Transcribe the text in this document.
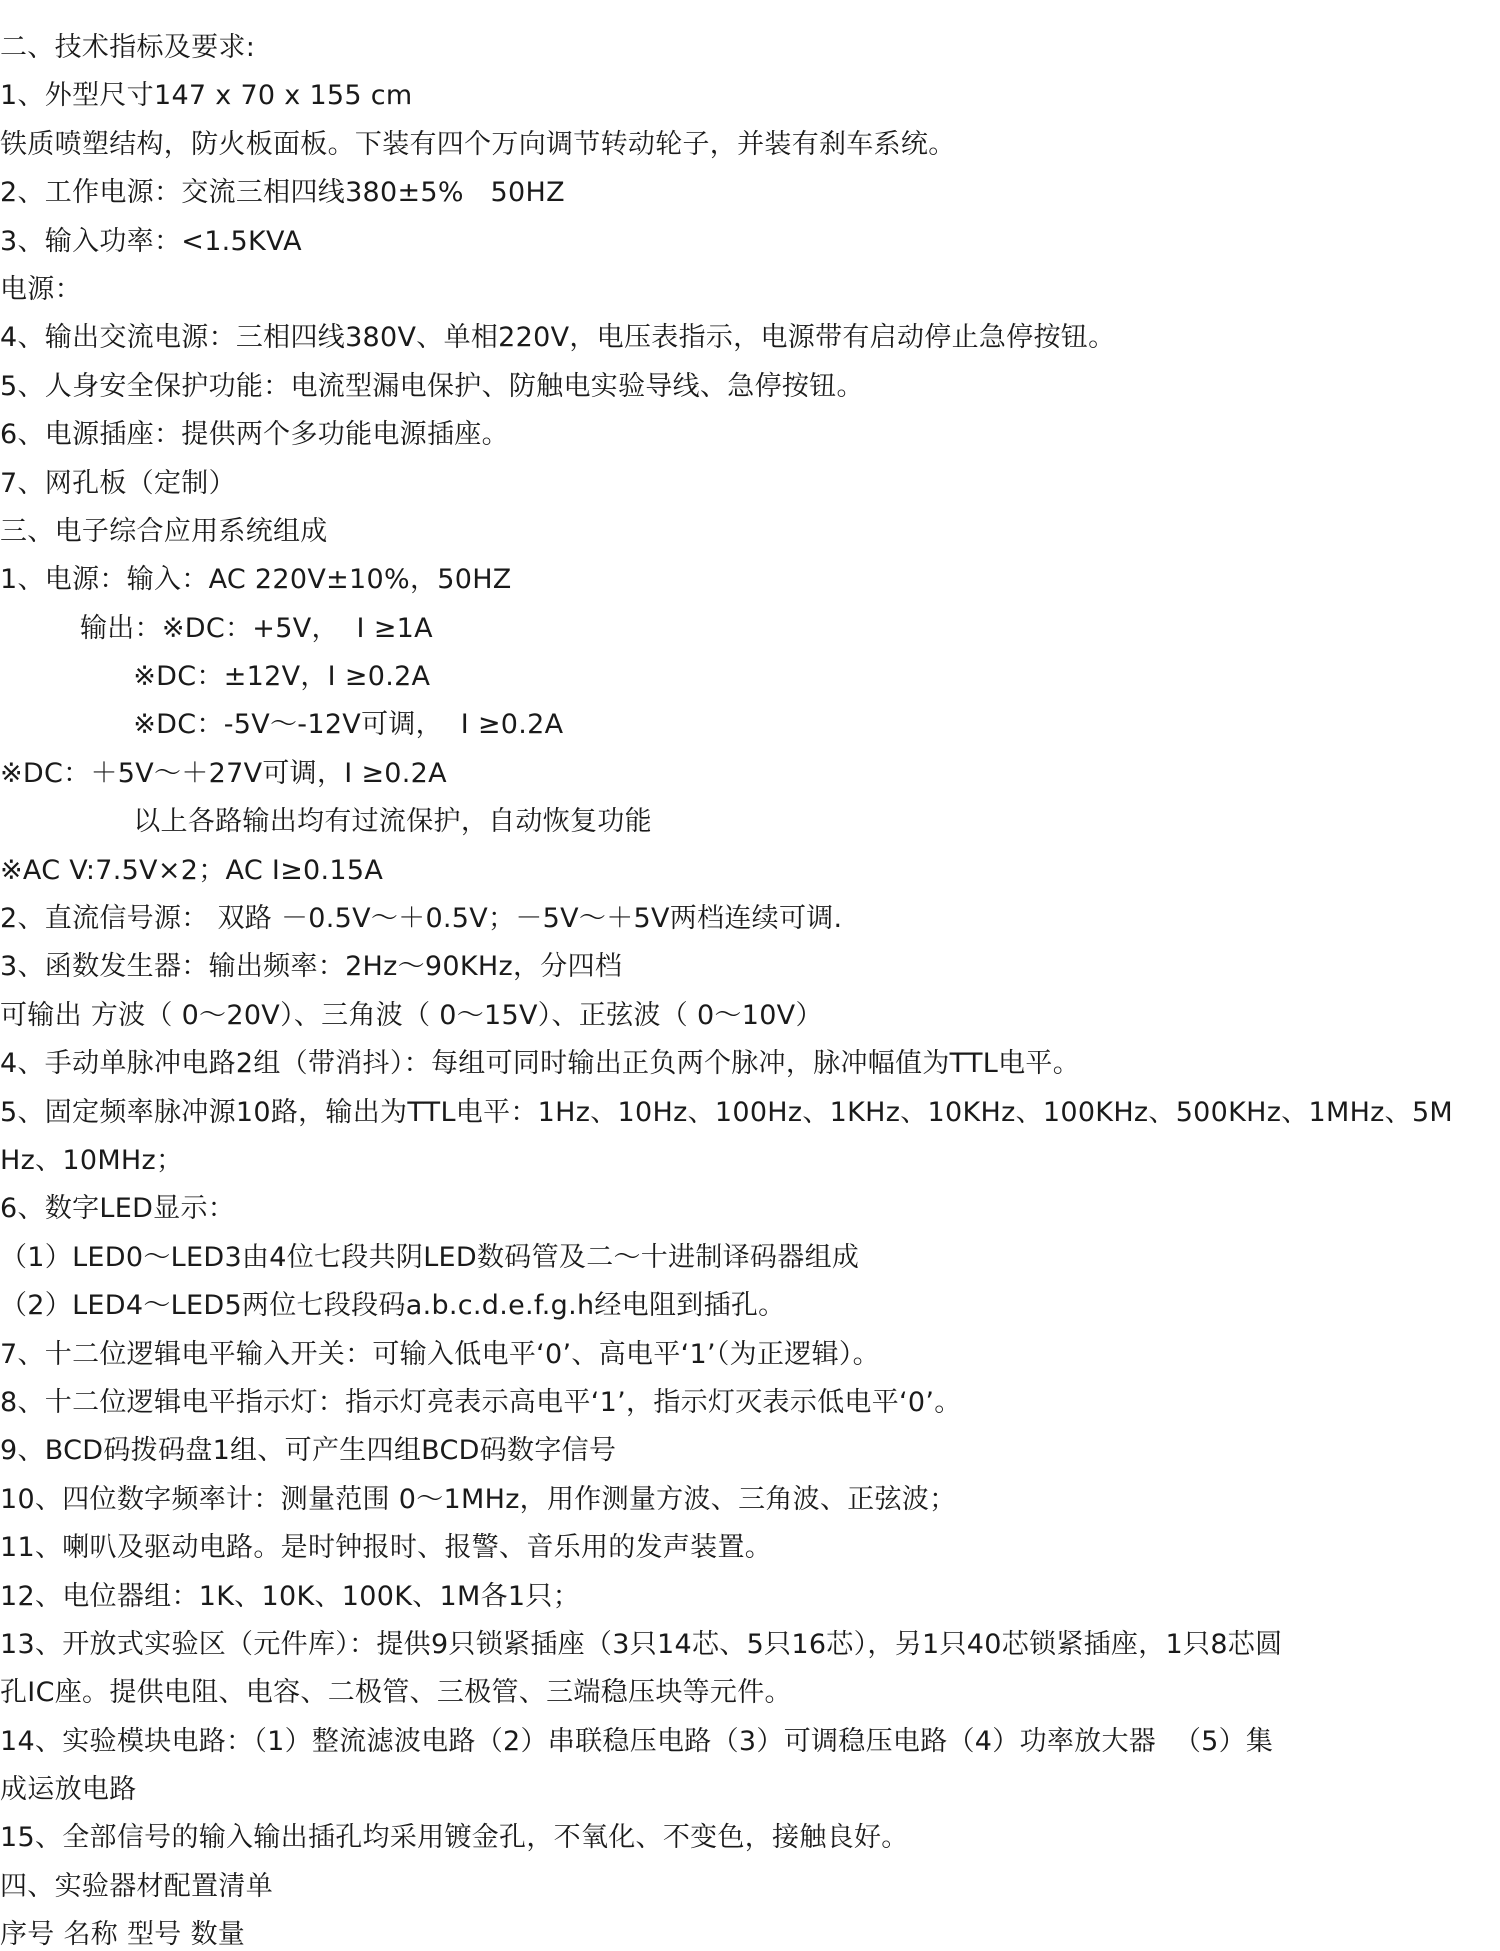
二、技术指标及要求:
1、外型尺寸147 x 70 x 155 cm
铁质喷塑结构，防火板面板。下装有四个万向调节转动轮子，并装有刹车系统。
2、工作电源：交流三相四线380±5%   50HZ
3、输入功率：<1.5KVA
电源：
4、输出交流电源：三相四线380V、单相220V，电压表指示，电源带有启动停止急停按钮。
5、人身安全保护功能：电流型漏电保护、防触电实验导线、急停按钮。
6、电源插座：提供两个多功能电源插座。
7、网孔板（定制）
三、电子综合应用系统组成
1、电源：输入：AC 220V±10%，50HZ
输出：※DC：+5V，  I ≥1A
※DC：±12V，I ≥0.2A
※DC：-5V～-12V可调，  I ≥0.2A
※DC：＋5V～＋27V可调，I ≥0.2A
以上各路输出均有过流保护，自动恢复功能
※AC V:7.5V×2；AC I≥0.15A
2、直流信号源： 双路 －0.5V～＋0.5V；－5V～＋5V两档连续可调.
3、函数发生器：输出频率：2Hz～90KHz，分四档
可输出 方波（ 0～20V）、三角波（ 0～15V）、正弦波（ 0～10V）
4、手动单脉冲电路2组（带消抖）：每组可同时输出正负两个脉冲，脉冲幅值为TTL电平。
5、固定频率脉冲源10路，输出为TTL电平：1Hz、10Hz、100Hz、1KHz、10KHz、100KHz、500KHz、1MHz、5M
Hz、10MHz；
6、数字LED显示：
（1）LED0～LED3由4位七段共阴LED数码管及二～十进制译码器组成
（2）LED4～LED5两位七段段码a.b.c.d.e.f.g.h经电阻到插孔。
7、十二位逻辑电平输入开关：可输入低电平‘0’、高电平‘1’（为正逻辑）。
8、十二位逻辑电平指示灯：指示灯亮表示高电平‘1’，指示灯灭表示低电平‘0’。
9、BCD码拨码盘1组、可产生四组BCD码数字信号
10、四位数字频率计：测量范围 0～1MHz，用作测量方波、三角波、正弦波；
11、喇叭及驱动电路。是时钟报时、报警、音乐用的发声装置。
12、电位器组：1K、10K、100K、1M各1只；
13、开放式实验区（元件库）：提供9只锁紧插座（3只14芯、5只16芯），另1只40芯锁紧插座，1只8芯圆
孔IC座。提供电阻、电容、二极管、三极管、三端稳压块等元件。
14、实验模块电路：（1）整流滤波电路（2）串联稳压电路（3）可调稳压电路（4）功率放大器  （5）集
成运放电路
15、全部信号的输入输出插孔均采用镀金孔，不氧化、不变色，接触良好。
四、实验器材配置清单
序号 名称 型号 数量
